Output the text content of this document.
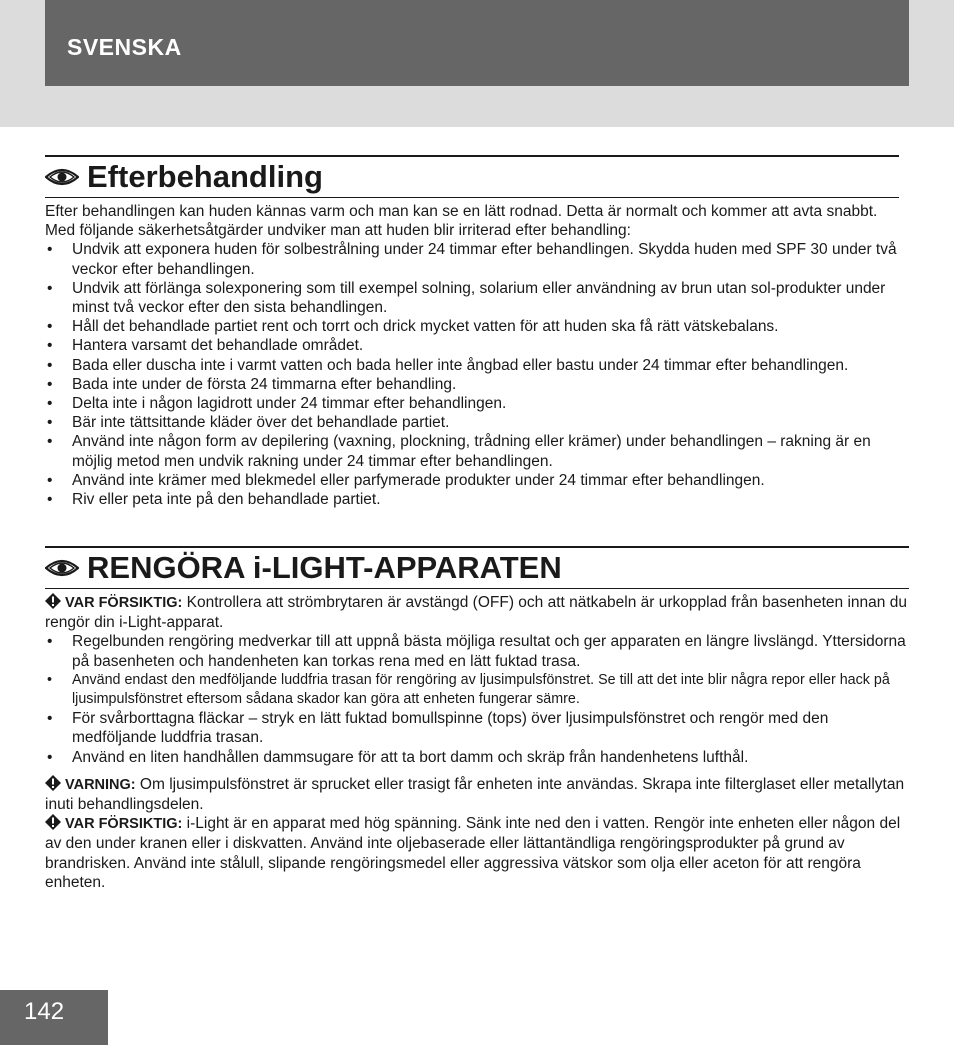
SVENSKA
Efterbehandling

Efter behandlingen kan huden kännas varm och man kan se en lätt rodnad. Detta är normalt och kommer att avta snabbt. Med följande säkerhetsåtgärder undviker man att huden blir irriterad efter behandling:

• Undvik att exponera huden för solbestrålning under 24 timmar efter behandlingen. Skydda huden med SPF 30 under två veckor efter behandlingen.
• Undvik att förlänga solexponering som till exempel solning, solarium eller användning av brun utan sol-produkter under minst två veckor efter den sista behandlingen.
• Håll det behandlade partiet rent och torrt och drick mycket vatten för att huden ska få rätt vätskebalans.
• Hantera varsamt det behandlade området.
• Bada eller duscha inte i varmt vatten och bada heller inte ångbad eller bastu under 24 timmar efter behandlingen.
• Bada inte under de första 24 timmarna efter behandling.
• Delta inte i någon lagidrott under 24 timmar efter behandlingen.
• Bär inte tättsittande kläder över det behandlade partiet.
• Använd inte någon form av depilering (vaxning, plockning, trådning eller krämer) under behandlingen – rakning är en möjlig metod men undvik rakning under 24 timmar efter behandlingen.
• Använd inte krämer med blekmedel eller parfymerade produkter under 24 timmar efter behandlingen.
• Riv eller peta inte på den behandlade partiet.
RENGÖRA i-LIGHT-APPARATEN

VAR FÖRSIKTIG: Kontrollera att strömbrytaren är avstängd (OFF) och att nätkabeln är urkopplad från basenheten innan du rengör din i-Light-apparat.

• Regelbunden rengöring medverkar till att uppnå bästa möjliga resultat och ger apparaten en längre livslängd. Yttersidorna på basenheten och handenheten kan torkas rena med en lätt fuktad trasa.
• Använd endast den medföljande luddfria trasan för rengöring av ljusimpulsfönstret. Se till att det inte blir några repor eller hack på ljusimpulsfönstret eftersom sådana skador kan göra att enheten fungerar sämre.
• För svårborttagna fläckar – stryk en lätt fuktad bomullspinne (tops) över ljusimpulsfönstret och rengör med den medföljande luddfria trasan.
• Använd en liten handhållen dammsugare för att ta bort damm och skräp från handenhetens lufthål.

VARNING: Om ljusimpulsfönstret är sprucket eller trasigt får enheten inte användas. Skrapa inte filterglaset eller metallytan inuti behandlingsdelen.

VAR FÖRSIKTIG: i-Light är en apparat med hög spänning. Sänk inte ned den i vatten. Rengör inte enheten eller någon del av den under kranen eller i diskvatten. Använd inte oljebaserade eller lättantändliga rengöringsprodukter på grund av brandrisken. Använd inte stålull, slipande rengöringsmedel eller aggressiva vätskor som olja eller aceton för att rengöra enheten.

142
